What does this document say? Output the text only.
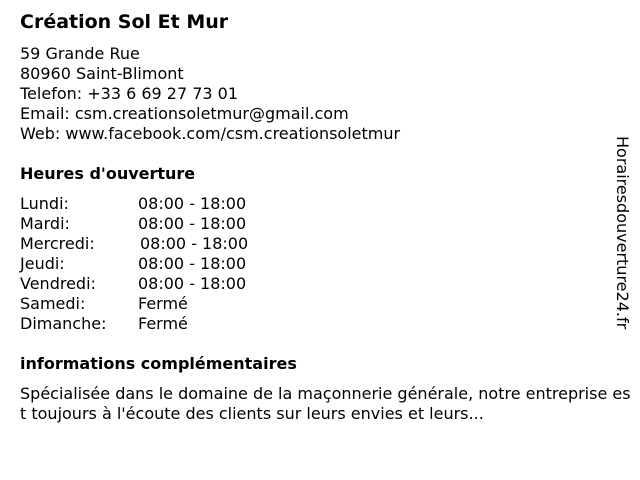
Création Sol Et Mur
59 Grande Rue
80960 Saint-Blimont
Telefon: +33 6 69 27 73 01
Email: csm.creationsoletmur@gmail.com
Web: www.facebook.com/csm.creationsoletmur
Heures d'ouverture
Lundi:	08:00 - 18:00
Mardi:	08:00 - 18:00
Mercredi:	08:00 - 18:00
Jeudi:	08:00 - 18:00
Vendredi:	08:00 - 18:00
Samedi:	Fermé
Dimanche: Fermé
informations complémentaires
Spécialisée dans le domaine de la maçonnerie générale, notre entreprise est toujours à l'écoute des clients sur leurs envies et leurs...
Horairesdouverture24.fr
